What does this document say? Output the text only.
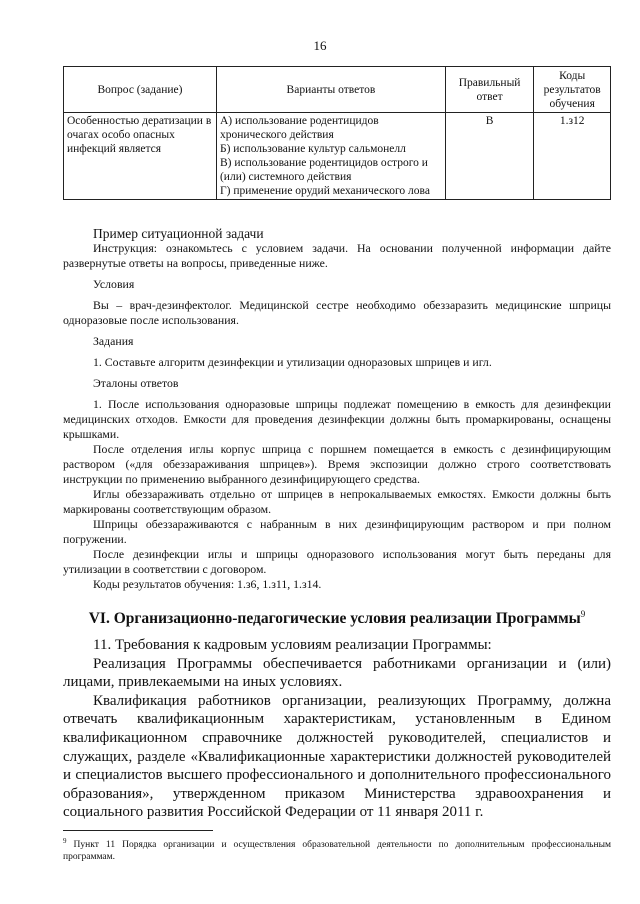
16
Вопрос (задание)	Варианты ответов	Правильный ответ	Коды результатов обучения
Особенностью дератизации в очагах особо опасных инфекций является	А) использование родентицидов хронического действия
Б) использование культур сальмонелл
В) использование родентицидов острого и (или) системного действия
Г) применение орудий механического лова	В	1.з12

Пример ситуационной задачи

Инструкция: ознакомьтесь с условием задачи. На основании полученной информации дайте развернутые ответы на вопросы, приведенные ниже.

Условия

Вы – врач-дезинфектолог. Медицинской сестре необходимо обеззаразить медицинские шприцы одноразовые после использования.

Задания

1. Составьте алгоритм дезинфекции и утилизации одноразовых шприцев и игл.

Эталоны ответов

1. После использования одноразовые шприцы подлежат помещению в емкость для дезинфекции медицинских отходов. Емкости для проведения дезинфекции должны быть промаркированы, оснащены крышками.

После отделения иглы корпус шприца с поршнем помещается в емкость с дезинфицирующим раствором («для обеззараживания шприцев»). Время экспозиции должно строго соответствовать инструкции по применению выбранного дезинфицирующего средства.

Иглы обеззараживать отдельно от шприцев в непрокалываемых емкостях. Емкости должны быть маркированы соответствующим образом.

Шприцы обеззараживаются с набранным в них дезинфицирующим раствором и при полном погружении.

После дезинфекции иглы и шприцы одноразового использования могут быть переданы для утилизации в соответствии с договором.

Коды результатов обучения: 1.з6, 1.з11, 1.з14.

VI. Организационно-педагогические условия реализации Программы$^9$

11. Требования к кадровым условиям реализации Программы:

Реализация Программы обеспечивается работниками организации и (или) лицами, привлекаемыми на иных условиях.

Квалификация работников организации, реализующих Программу, должна отвечать квалификационным характеристикам, установленным в Едином квалификационном справочнике должностей руководителей, специалистов и служащих, разделе «Квалификационные характеристики должностей руководителей и специалистов высшего профессионального и дополнительного профессионального образования», утвержденном приказом Министерства здравоохранения и социального развития Российской Федерации от 11 января 2011 г.

$^9$ Пункт 11 Порядка организации и осуществления образовательной деятельности по дополнительным профессиональным программам.
